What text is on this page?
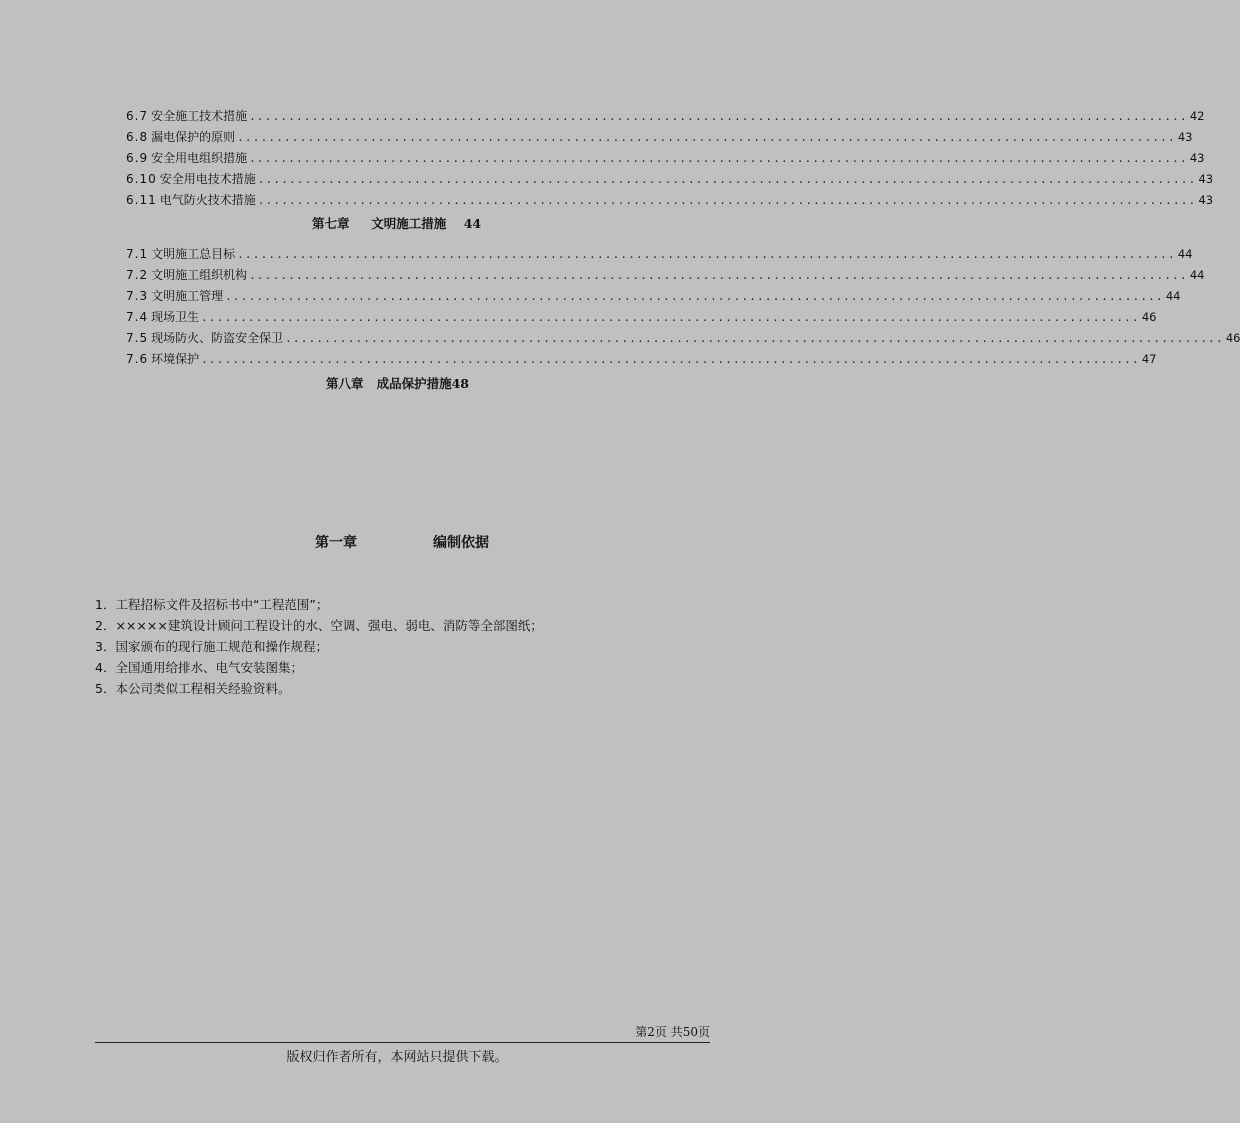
6.7 安全施工技术措施 ........................................................................................................................ 42
6.8 漏电保护的原则 ........................................................................................................................ 43
6.9 安全用电组织措施 ........................................................................................................................ 43
6.10 安全用电技术措施 ........................................................................................................................ 43
6.11 电气防火技术措施 ........................................................................................................................ 43
第七章 文明施工措施 44
7.1 文明施工总目标 ........................................................................................................................ 44
7.2 文明施工组织机构 ........................................................................................................................ 44
7.3 文明施工管理 ........................................................................................................................ 44
7.4 现场卫生 ........................................................................................................................ 46
7.5 现场防火、防盗安全保卫 ........................................................................................................................ 46
7.6 环境保护 ........................................................................................................................ 47
第八章 成品保护措施48
第一章	编制依据
1．工程招标文件及招标书中“工程范围”；
2．×××××建筑设计顾问工程设计的水、空调、强电、弱电、消防等全部图纸；
3．国家颁布的现行施工规范和操作规程；
4．全国通用给排水、电气安装图集；
5．本公司类似工程相关经验资料。
第2页 共50页
版权归作者所有，本网站只提供下载。
